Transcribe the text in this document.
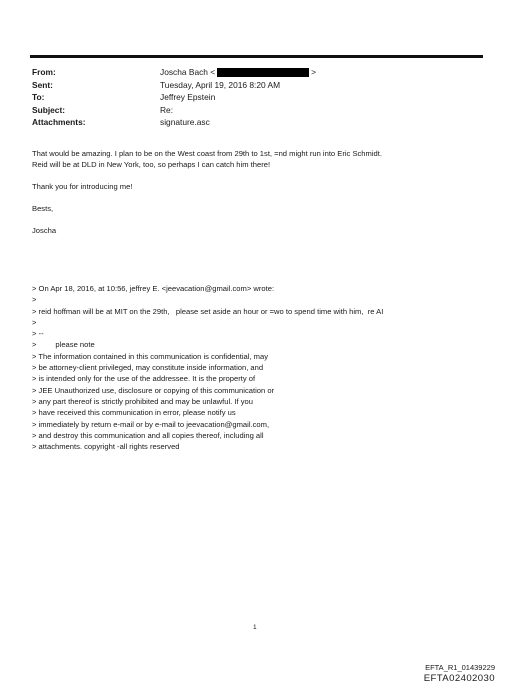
From:	Joscha Bach <	>
Sent:	Tuesday, April 19, 2016 8:20 AM
To:	Jeffrey Epstein
Subject:	Re:
Attachments:	signature.asc
That would be amazing. I plan to be on the West coast from 29th to 1st, =nd might run into Eric Schmidt.
Reid will be at DLD in New York, too, so perhaps I can catch him there!
Thank you for introducing me!
Bests,
Joscha
> On Apr 18, 2016, at 10:56, jeffrey E. <jeevacation@gmail.com> wrote:
>
> reid hoffman will be at MIT on the 29th,   please set aside an hour or =wo to spend time with him,  re AI
>
> --
>         please note
> The information contained in this communication is confidential, may
> be attorney-client privileged, may constitute inside information, and
> is intended only for the use of the addressee. It is the property of
> JEE Unauthorized use, disclosure or copying of this communication or
> any part thereof is strictly prohibited and may be unlawful. If you
> have received this communication in error, please notify us
> immediately by return e-mail or by e-mail to jeevacation@gmail.com,
> and destroy this communication and all copies thereof, including all
> attachments. copyright -all rights reserved
1
EFTA_R1_01439229
EFTA02402030
